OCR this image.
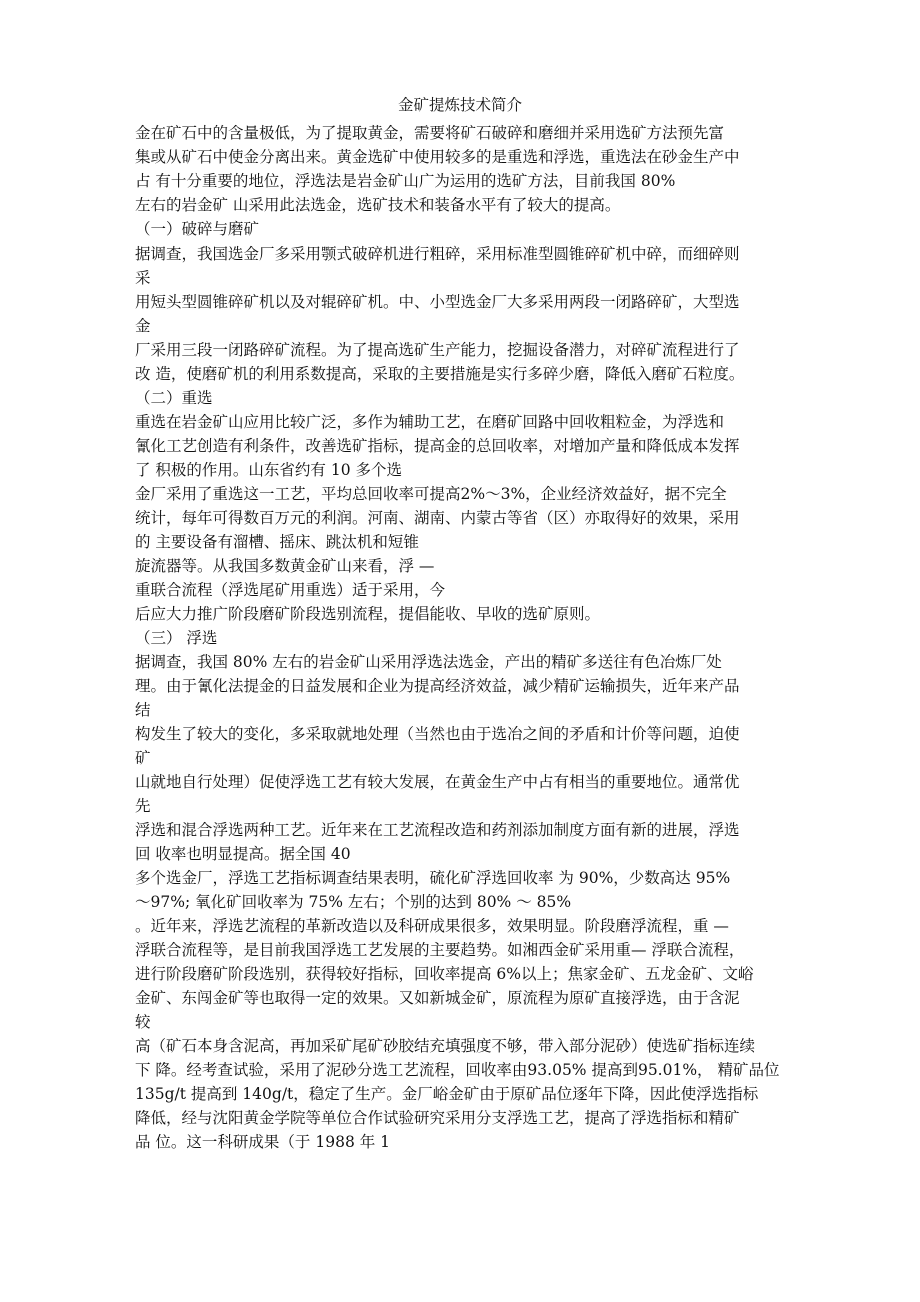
金矿提炼技术简介
金在矿石中的含量极低，为了提取黄金，需要将矿石破碎和磨细并采用选矿方法预先富
集或从矿石中使金分离出来。黄金选矿中使用较多的是重选和浮选，重选法在砂金生产中
占 有十分重要的地位，浮选法是岩金矿山广为运用的选矿方法，目前我国 80%
左右的岩金矿 山采用此法选金，选矿技术和装备水平有了较大的提高。
（一）破碎与磨矿
据调查，我国选金厂多采用颚式破碎机进行粗碎，采用标准型圆锥碎矿机中碎，而细碎则
采
用短头型圆锥碎矿机以及对辊碎矿机。中、小型选金厂大多采用两段一闭路碎矿，大型选
金
厂采用三段一闭路碎矿流程。为了提高选矿生产能力，挖掘设备潜力，对碎矿流程进行了
改 造，使磨矿机的利用系数提高，采取的主要措施是实行多碎少磨，降低入磨矿石粒度。
（二）重选
重选在岩金矿山应用比较广泛，多作为辅助工艺，在磨矿回路中回收粗粒金，为浮选和
氰化工艺创造有利条件，改善选矿指标，提高金的总回收率，对增加产量和降低成本发挥
了 积极的作用。山东省约有 10 多个选
金厂采用了重选这一工艺，平均总回收率可提高2%～3%，企业经济效益好，据不完全
统计，每年可得数百万元的利润。河南、湖南、内蒙古等省（区）亦取得好的效果，采用
的 主要设备有溜槽、摇床、跳汰机和短锥
旋流器等。从我国多数黄金矿山来看，浮 —
重联合流程（浮选尾矿用重选）适于采用，今
后应大力推广阶段磨矿阶段选别流程，提倡能收、早收的选矿原则。
（三） 浮选
据调查，我国 80% 左右的岩金矿山采用浮选法选金，产出的精矿多送往有色冶炼厂处
理。由于氰化法提金的日益发展和企业为提高经济效益，减少精矿运输损失，近年来产品
结
构发生了较大的变化，多采取就地处理（当然也由于选冶之间的矛盾和计价等问题，迫使
矿
山就地自行处理）促使浮选工艺有较大发展，在黄金生产中占有相当的重要地位。通常优
先
浮选和混合浮选两种工艺。近年来在工艺流程改造和药剂添加制度方面有新的进展，浮选
回 收率也明显提高。据全国 40
多个选金厂，浮选工艺指标调查结果表明，硫化矿浮选回收率 为 90%，少数高达 95%
～97%; 氧化矿回收率为 75% 左右；个别的达到 80% ～ 85%
。近年来，浮选艺流程的革新改造以及科研成果很多，效果明显。阶段磨浮流程，重 —
浮联合流程等，是目前我国浮选工艺发展的主要趋势。如湘西金矿采用重— 浮联合流程，
进行阶段磨矿阶段选别，获得较好指标，回收率提高 6%以上；焦家金矿、五龙金矿、文峪
金矿、东闯金矿等也取得一定的效果。又如新城金矿，原流程为原矿直接浮选，由于含泥
较
高（矿石本身含泥高，再加采矿尾矿砂胶结充填强度不够，带入部分泥砂）使选矿指标连续
下 降。经考查试验，采用了泥砂分选工艺流程，回收率由93.05% 提高到95.01%， 精矿品位
135g/t 提高到 140g/t，稳定了生产。金厂峪金矿由于原矿品位逐年下降，因此使浮选指标
降低，经与沈阳黄金学院等单位合作试验研究采用分支浮选工艺，提高了浮选指标和精矿
品 位。这一科研成果（于 1988 年 1
